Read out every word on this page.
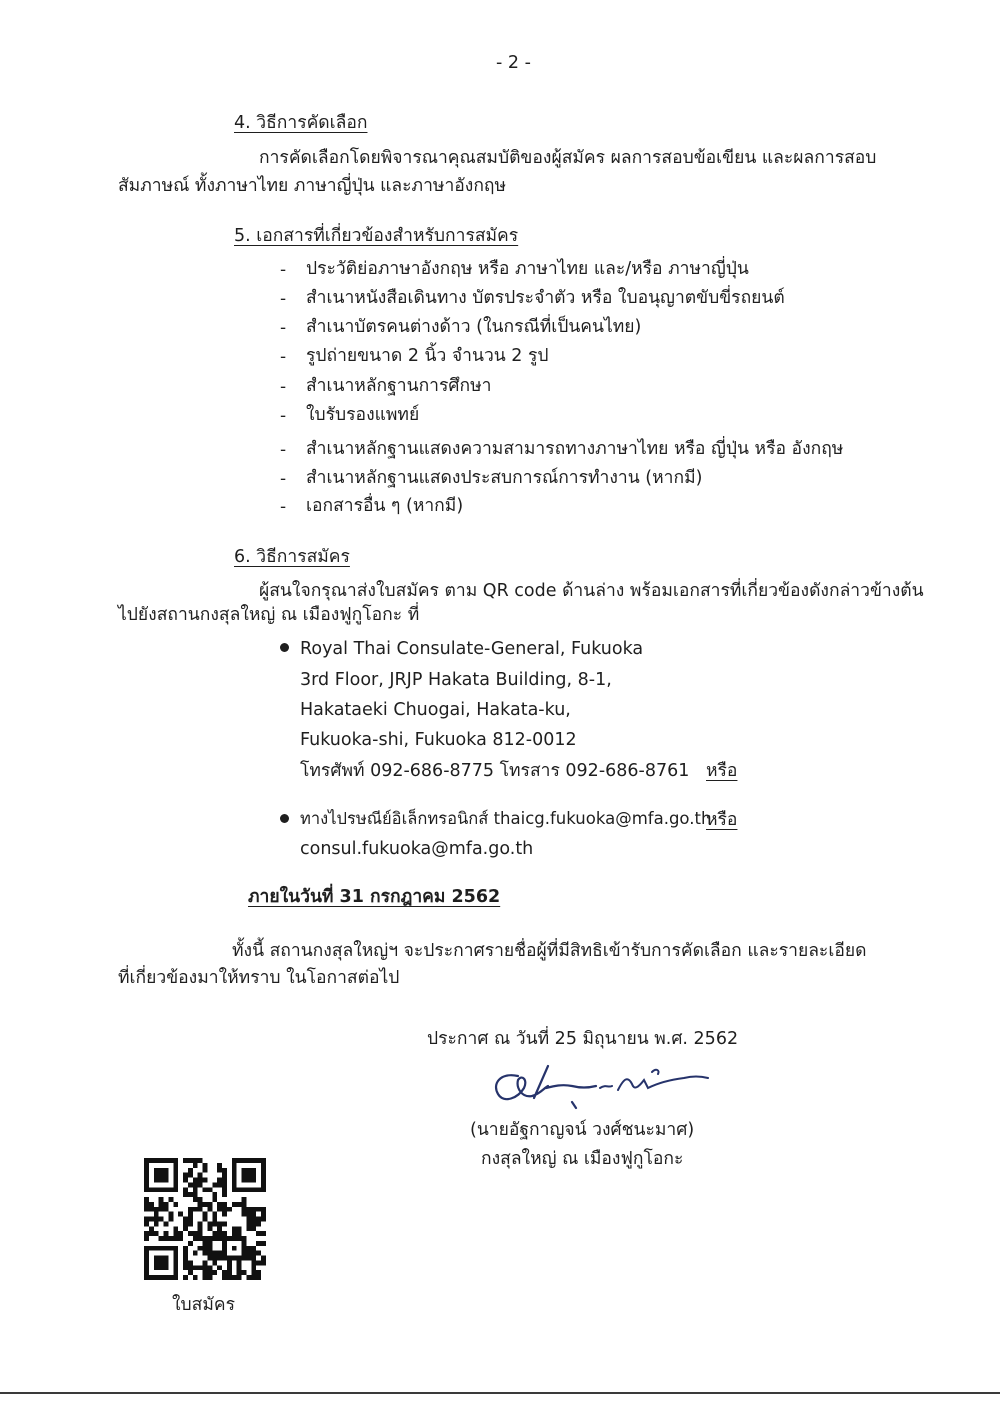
- 2 -
4. วิธีการคัดเลือก
การคัดเลือกโดยพิจารณาคุณสมบัติของผู้สมัคร ผลการสอบข้อเขียน และผลการสอบ
สัมภาษณ์ ทั้งภาษาไทย ภาษาญี่ปุ่น และภาษาอังกฤษ
5. เอกสารที่เกี่ยวข้องสำหรับการสมัคร
- ประวัติย่อภาษาอังกฤษ หรือ ภาษาไทย และ/หรือ ภาษาญี่ปุ่น
- สำเนาหนังสือเดินทาง บัตรประจำตัว หรือ ใบอนุญาตขับขี่รถยนต์
- สำเนาบัตรคนต่างด้าว (ในกรณีที่เป็นคนไทย)
- รูปถ่ายขนาด 2 นิ้ว จำนวน 2 รูป
- สำเนาหลักฐานการศึกษา
- ใบรับรองแพทย์
- สำเนาหลักฐานแสดงความสามารถทางภาษาไทย หรือ ญี่ปุ่น หรือ อังกฤษ
- สำเนาหลักฐานแสดงประสบการณ์การทำงาน (หากมี)
- เอกสารอื่น ๆ (หากมี)
6. วิธีการสมัคร
ผู้สนใจกรุณาส่งใบสมัคร ตาม QR code ด้านล่าง พร้อมเอกสารที่เกี่ยวข้องดังกล่าวข้างต้น
ไปยังสถานกงสุลใหญ่ ณ เมืองฟูกูโอกะ ที่
Royal Thai Consulate-General, Fukuoka
3rd Floor, JRJP Hakata Building, 8-1,
Hakataeki Chuogai, Hakata-ku,
Fukuoka-shi, Fukuoka 812-0012
โทรศัพท์ 092-686-8775 โทรสาร 092-686-8761 หรือ
ทางไปรษณีย์อิเล็กทรอนิกส์ thaicg.fukuoka@mfa.go.th
หรือ
consul.fukuoka@mfa.go.th
ภายในวันที่ 31 กรกฎาคม 2562
ทั้งนี้ สถานกงสุลใหญ่ฯ จะประกาศรายชื่อผู้ที่มีสิทธิเข้ารับการคัดเลือก และรายละเอียด
ที่เกี่ยวข้องมาให้ทราบ ในโอกาสต่อไป
ประกาศ ณ วันที่ 25 มิถุนายน พ.ศ. 2562
(นายอัฐกาญจน์ วงศ์ชนะมาศ)
กงสุลใหญ่ ณ เมืองฟูกูโอกะ
ใบสมัคร
